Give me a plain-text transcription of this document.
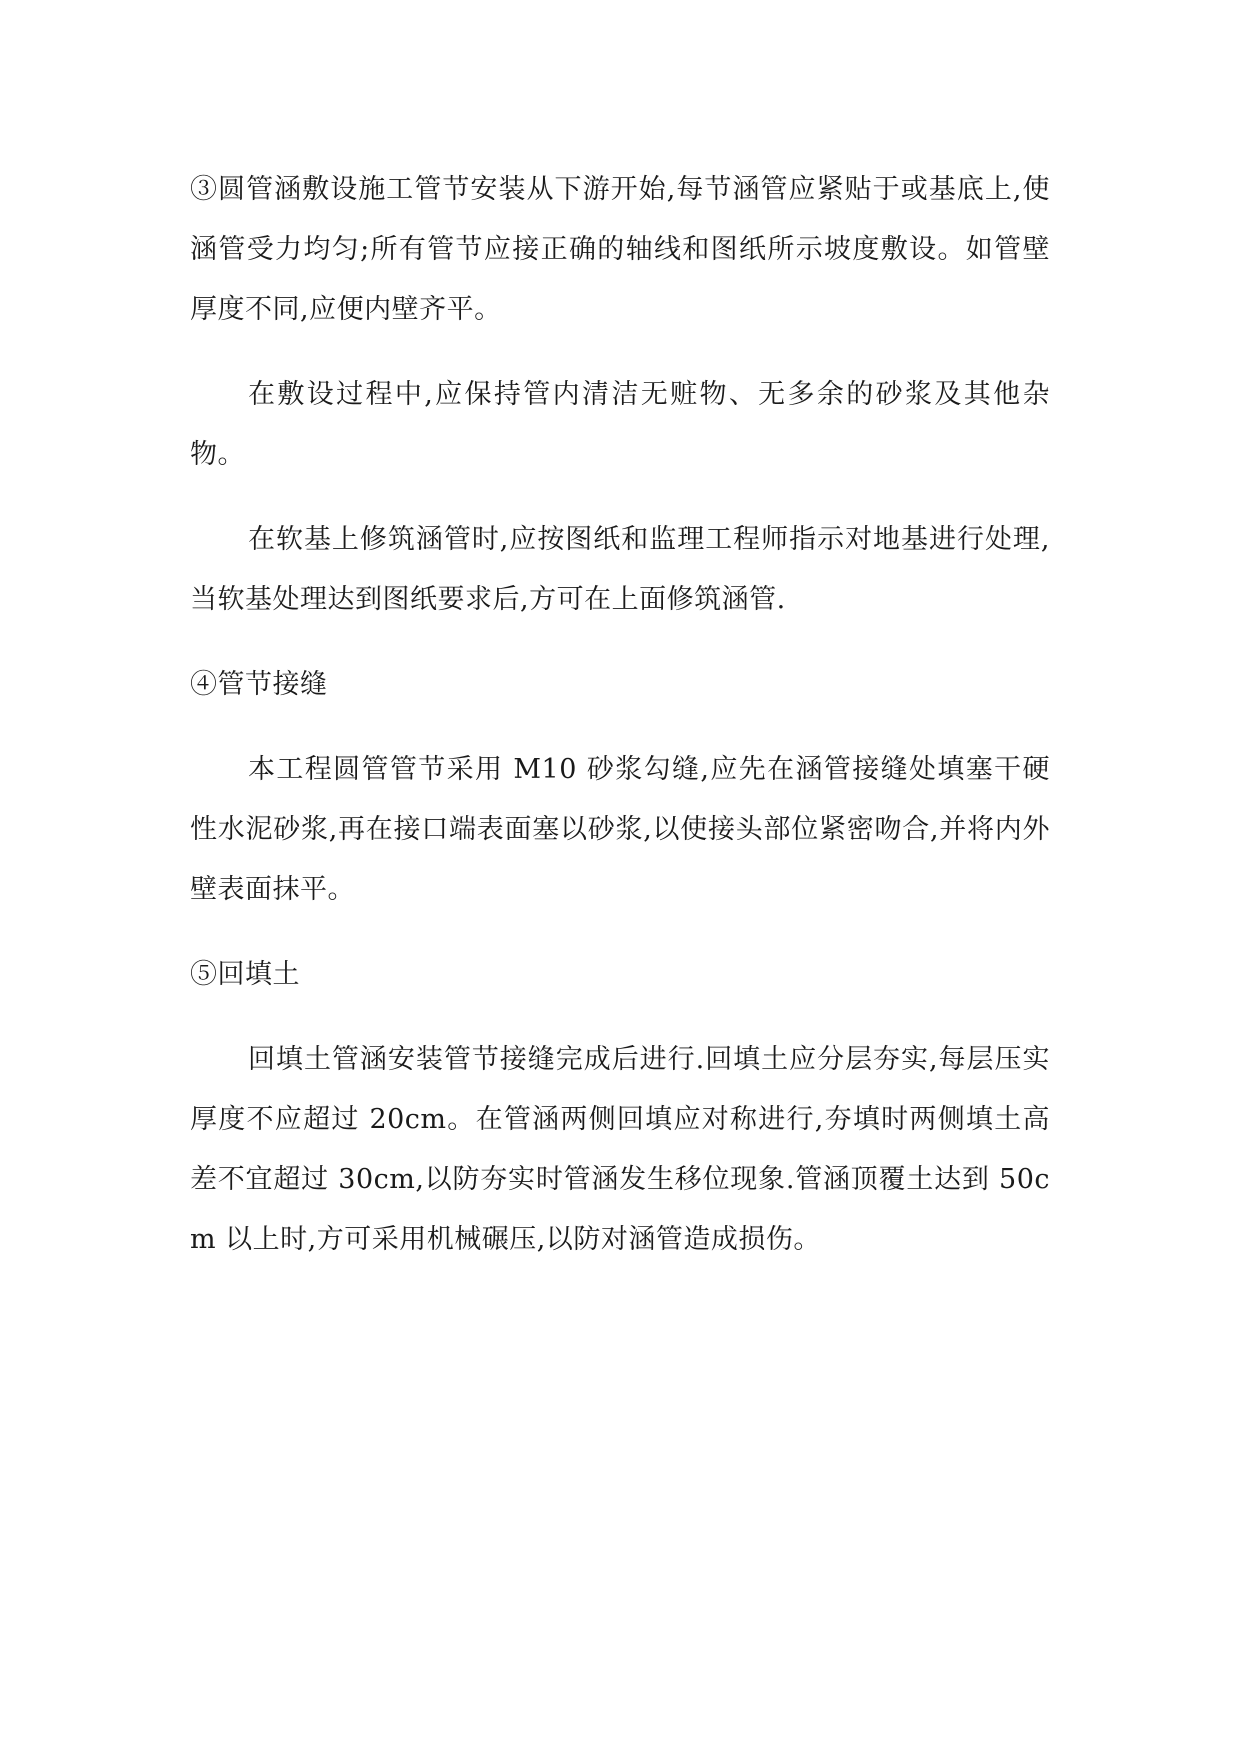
③圆管涵敷设施工管节安装从下游开始,每节涵管应紧贴于或基底上,使涵管受力均匀;所有管节应接正确的轴线和图纸所示坡度敷设。如管壁厚度不同,应便内壁齐平。

在敷设过程中,应保持管内清洁无赃物、无多余的砂浆及其他杂物。

在软基上修筑涵管时,应按图纸和监理工程师指示对地基进行处理,当软基处理达到图纸要求后,方可在上面修筑涵管.

④管节接缝

本工程圆管管节采用 M10 砂浆勾缝,应先在涵管接缝处填塞干硬性水泥砂浆,再在接口端表面塞以砂浆,以使接头部位紧密吻合,并将内外壁表面抹平。

⑤回填土

回填土管涵安装管节接缝完成后进行.回填土应分层夯实,每层压实厚度不应超过 20cm。在管涵两侧回填应对称进行,夯填时两侧填土高差不宜超过 30cm,以防夯实时管涵发生移位现象.管涵顶覆土达到 50cm 以上时,方可采用机械碾压,以防对涵管造成损伤。
